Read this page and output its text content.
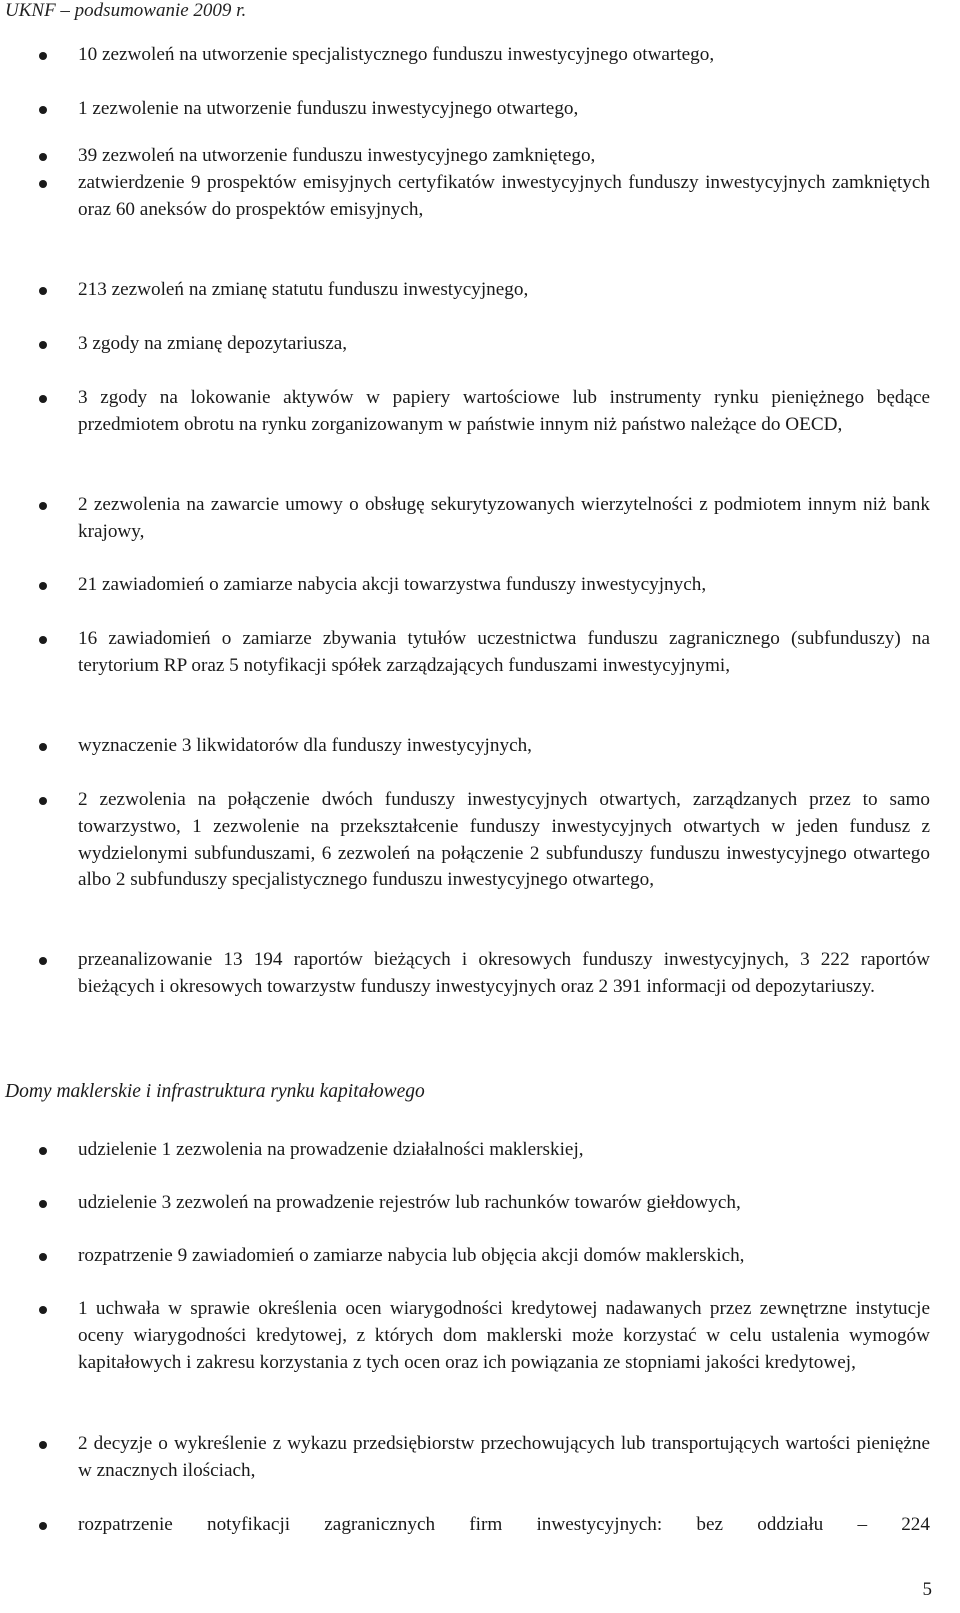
UKNF – podsumowanie 2009 r.
10 zezwoleń na utworzenie specjalistycznego funduszu inwestycyjnego otwartego,
1 zezwolenie na utworzenie funduszu inwestycyjnego otwartego,
39 zezwoleń na utworzenie funduszu inwestycyjnego zamkniętego,
zatwierdzenie 9 prospektów emisyjnych certyfikatów inwestycyjnych funduszy inwestycyjnych zamkniętych oraz 60 aneksów do prospektów emisyjnych,
213 zezwoleń na zmianę statutu funduszu inwestycyjnego,
3 zgody na zmianę depozytariusza,
3 zgody na lokowanie aktywów w papiery wartościowe lub instrumenty rynku pieniężnego będące przedmiotem obrotu na rynku zorganizowanym w państwie innym niż państwo należące do OECD,
2 zezwolenia na zawarcie umowy o obsługę sekurytyzowanych wierzytelności z podmiotem innym niż bank krajowy,
21 zawiadomień o zamiarze nabycia akcji towarzystwa funduszy inwestycyjnych,
16 zawiadomień o zamiarze zbywania tytułów uczestnictwa funduszu zagranicznego (subfunduszy) na terytorium RP oraz 5 notyfikacji spółek zarządzających funduszami inwestycyjnymi,
wyznaczenie 3 likwidatorów dla funduszy inwestycyjnych,
2 zezwolenia na połączenie dwóch funduszy inwestycyjnych otwartych, zarządzanych przez to samo towarzystwo, 1 zezwolenie na przekształcenie funduszy inwestycyjnych otwartych w jeden fundusz z wydzielonymi subfunduszami, 6 zezwoleń na połączenie 2 subfunduszy funduszu inwestycyjnego otwartego albo 2 subfunduszy specjalistycznego funduszu inwestycyjnego otwartego,
przeanalizowanie 13 194 raportów bieżących i okresowych funduszy inwestycyjnych, 3 222 raportów bieżących i okresowych towarzystw funduszy inwestycyjnych oraz 2 391 informacji od depozytariuszy.
Domy maklerskie i infrastruktura rynku kapitałowego
udzielenie 1 zezwolenia na prowadzenie działalności maklerskiej,
udzielenie 3 zezwoleń na prowadzenie rejestrów lub rachunków towarów giełdowych,
rozpatrzenie 9 zawiadomień o zamiarze nabycia lub objęcia akcji domów maklerskich,
1 uchwała w sprawie określenia ocen wiarygodności kredytowej nadawanych przez zewnętrzne instytucje oceny wiarygodności kredytowej, z których dom maklerski może korzystać w celu ustalenia wymogów kapitałowych i zakresu korzystania z tych ocen oraz ich powiązania ze stopniami jakości kredytowej,
2 decyzje o wykreślenie z wykazu przedsiębiorstw przechowujących lub transportujących wartości pieniężne w znacznych ilościach,
rozpatrzenie notyfikacji zagranicznych firm inwestycyjnych: bez oddziału – 224
5
